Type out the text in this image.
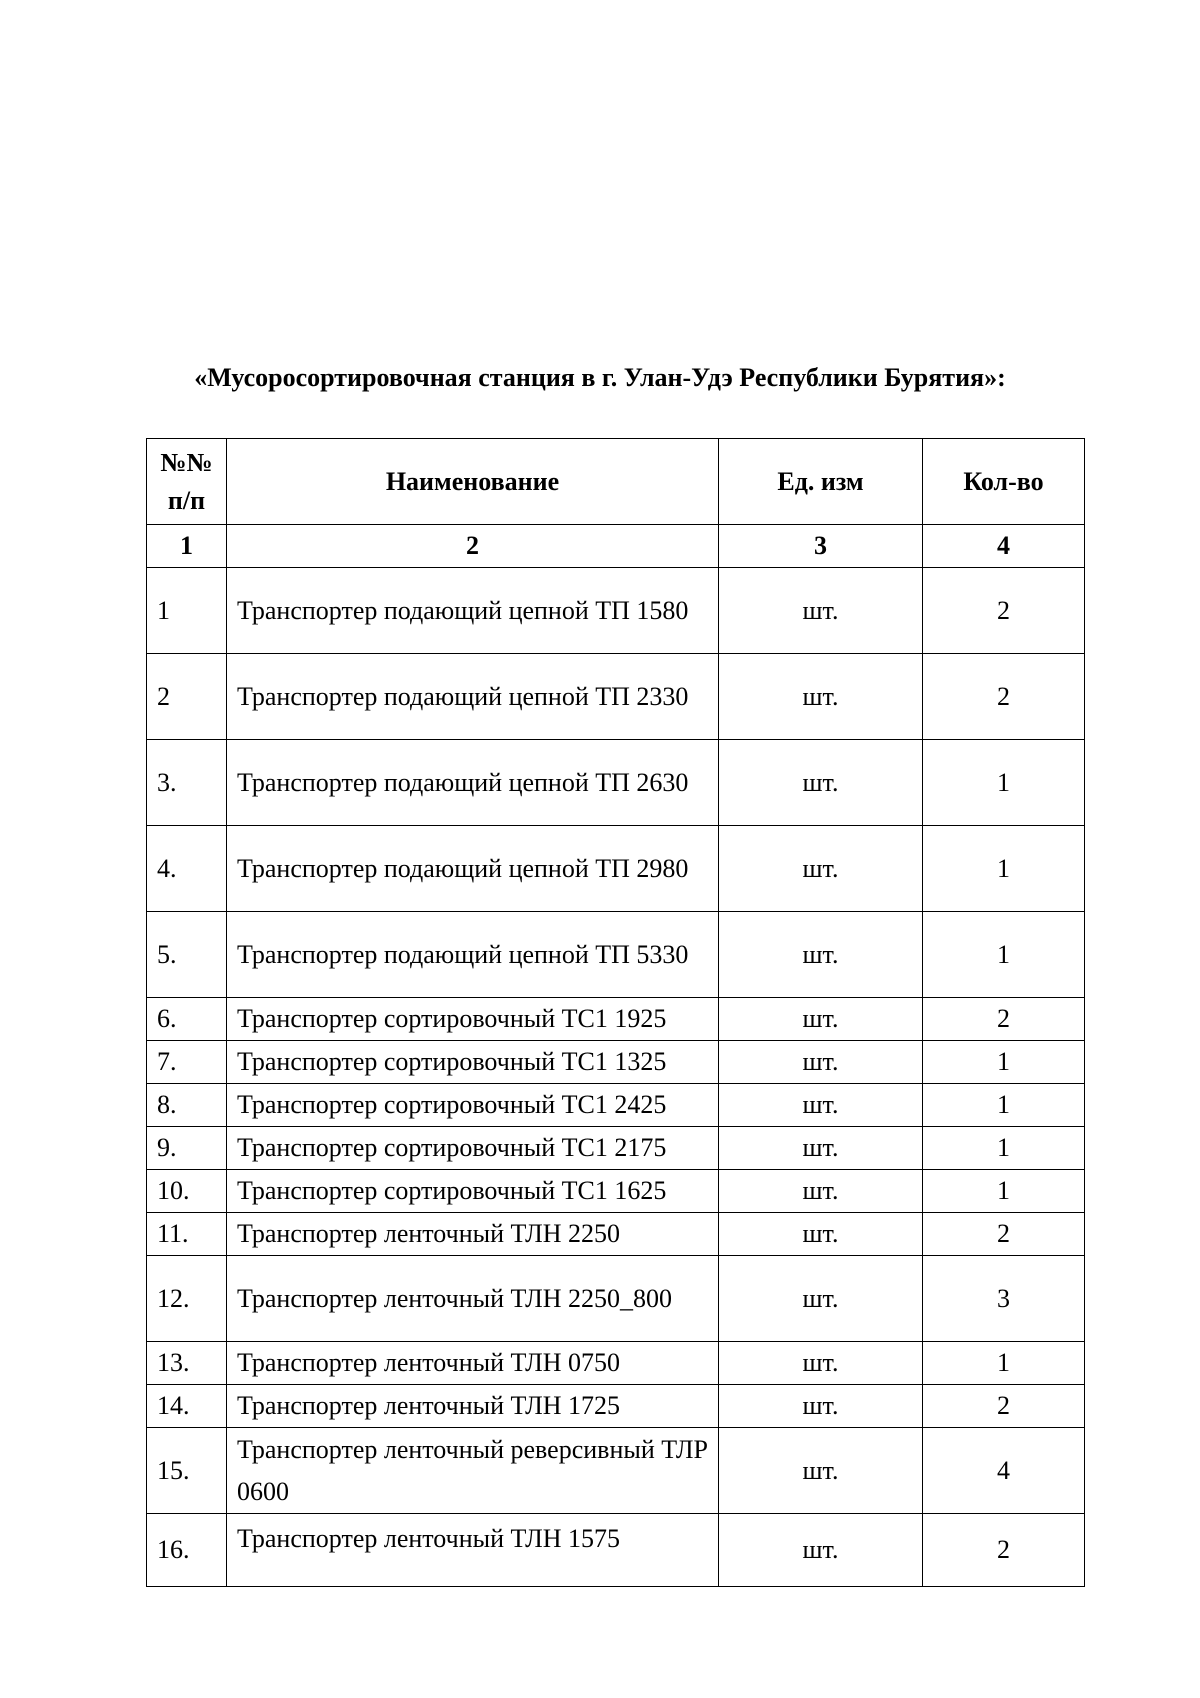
«Мусоросортировочная станция в г. Улан-Удэ Республики Бурятия»:
№№ п/п	Наименование	Ед. изм	Кол-во
1	2	3	4
1	Транспортер подающий цепной ТП 1580	шт.	2
2	Транспортер подающий цепной ТП 2330	шт.	2
3.	Транспортер подающий цепной ТП 2630	шт.	1
4.	Транспортер подающий цепной ТП 2980	шт.	1
5.	Транспортер подающий цепной ТП 5330	шт.	1
6.	Транспортер сортировочный ТС1 1925	шт.	2
7.	Транспортер сортировочный ТС1 1325	шт.	1
8.	Транспортер сортировочный ТС1 2425	шт.	1
9.	Транспортер сортировочный ТС1 2175	шт.	1
10.	Транспортер сортировочный ТС1 1625	шт.	1
11.	Транспортер ленточный ТЛН 2250	шт.	2
12.	Транспортер ленточный ТЛН 2250_800	шт.	3
13.	Транспортер ленточный ТЛН 0750	шт.	1
14.	Транспортер ленточный ТЛН 1725	шт.	2
15.	Транспортер ленточный реверсивный ТЛР 0600	шт.	4
16.	Транспортер ленточный ТЛН 1575	шт.	2
